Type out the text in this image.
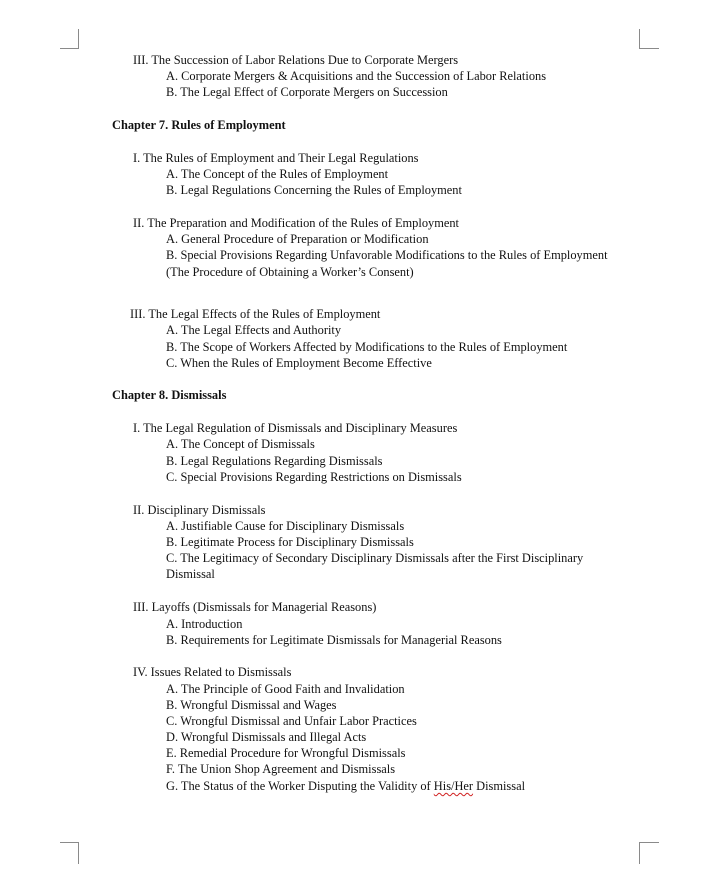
III. The Succession of Labor Relations Due to Corporate Mergers
A. Corporate Mergers & Acquisitions and the Succession of Labor Relations
B. The Legal Effect of Corporate Mergers on Succession
Chapter 7. Rules of Employment
I. The Rules of Employment and Their Legal Regulations
A. The Concept of the Rules of Employment
B. Legal Regulations Concerning the Rules of Employment
II. The Preparation and Modification of the Rules of Employment
A. General Procedure of Preparation or Modification
B. Special Provisions Regarding Unfavorable Modifications to the Rules of Employment
(The Procedure of Obtaining a Worker’s Consent)
III. The Legal Effects of the Rules of Employment
A. The Legal Effects and Authority
B. The Scope of Workers Affected by Modifications to the Rules of Employment
C. When the Rules of Employment Become Effective
Chapter 8. Dismissals
I. The Legal Regulation of Dismissals and Disciplinary Measures
A. The Concept of Dismissals
B. Legal Regulations Regarding Dismissals
C. Special Provisions Regarding Restrictions on Dismissals
II. Disciplinary Dismissals
A. Justifiable Cause for Disciplinary Dismissals
B. Legitimate Process for Disciplinary Dismissals
C. The Legitimacy of Secondary Disciplinary Dismissals after the First Disciplinary
Dismissal
III. Layoffs (Dismissals for Managerial Reasons)
A. Introduction
B. Requirements for Legitimate Dismissals for Managerial Reasons
IV. Issues Related to Dismissals
A. The Principle of Good Faith and Invalidation
B. Wrongful Dismissal and Wages
C. Wrongful Dismissal and Unfair Labor Practices
D. Wrongful Dismissals and Illegal Acts
E. Remedial Procedure for Wrongful Dismissals
F. The Union Shop Agreement and Dismissals
G. The Status of the Worker Disputing the Validity of His/Her Dismissal
